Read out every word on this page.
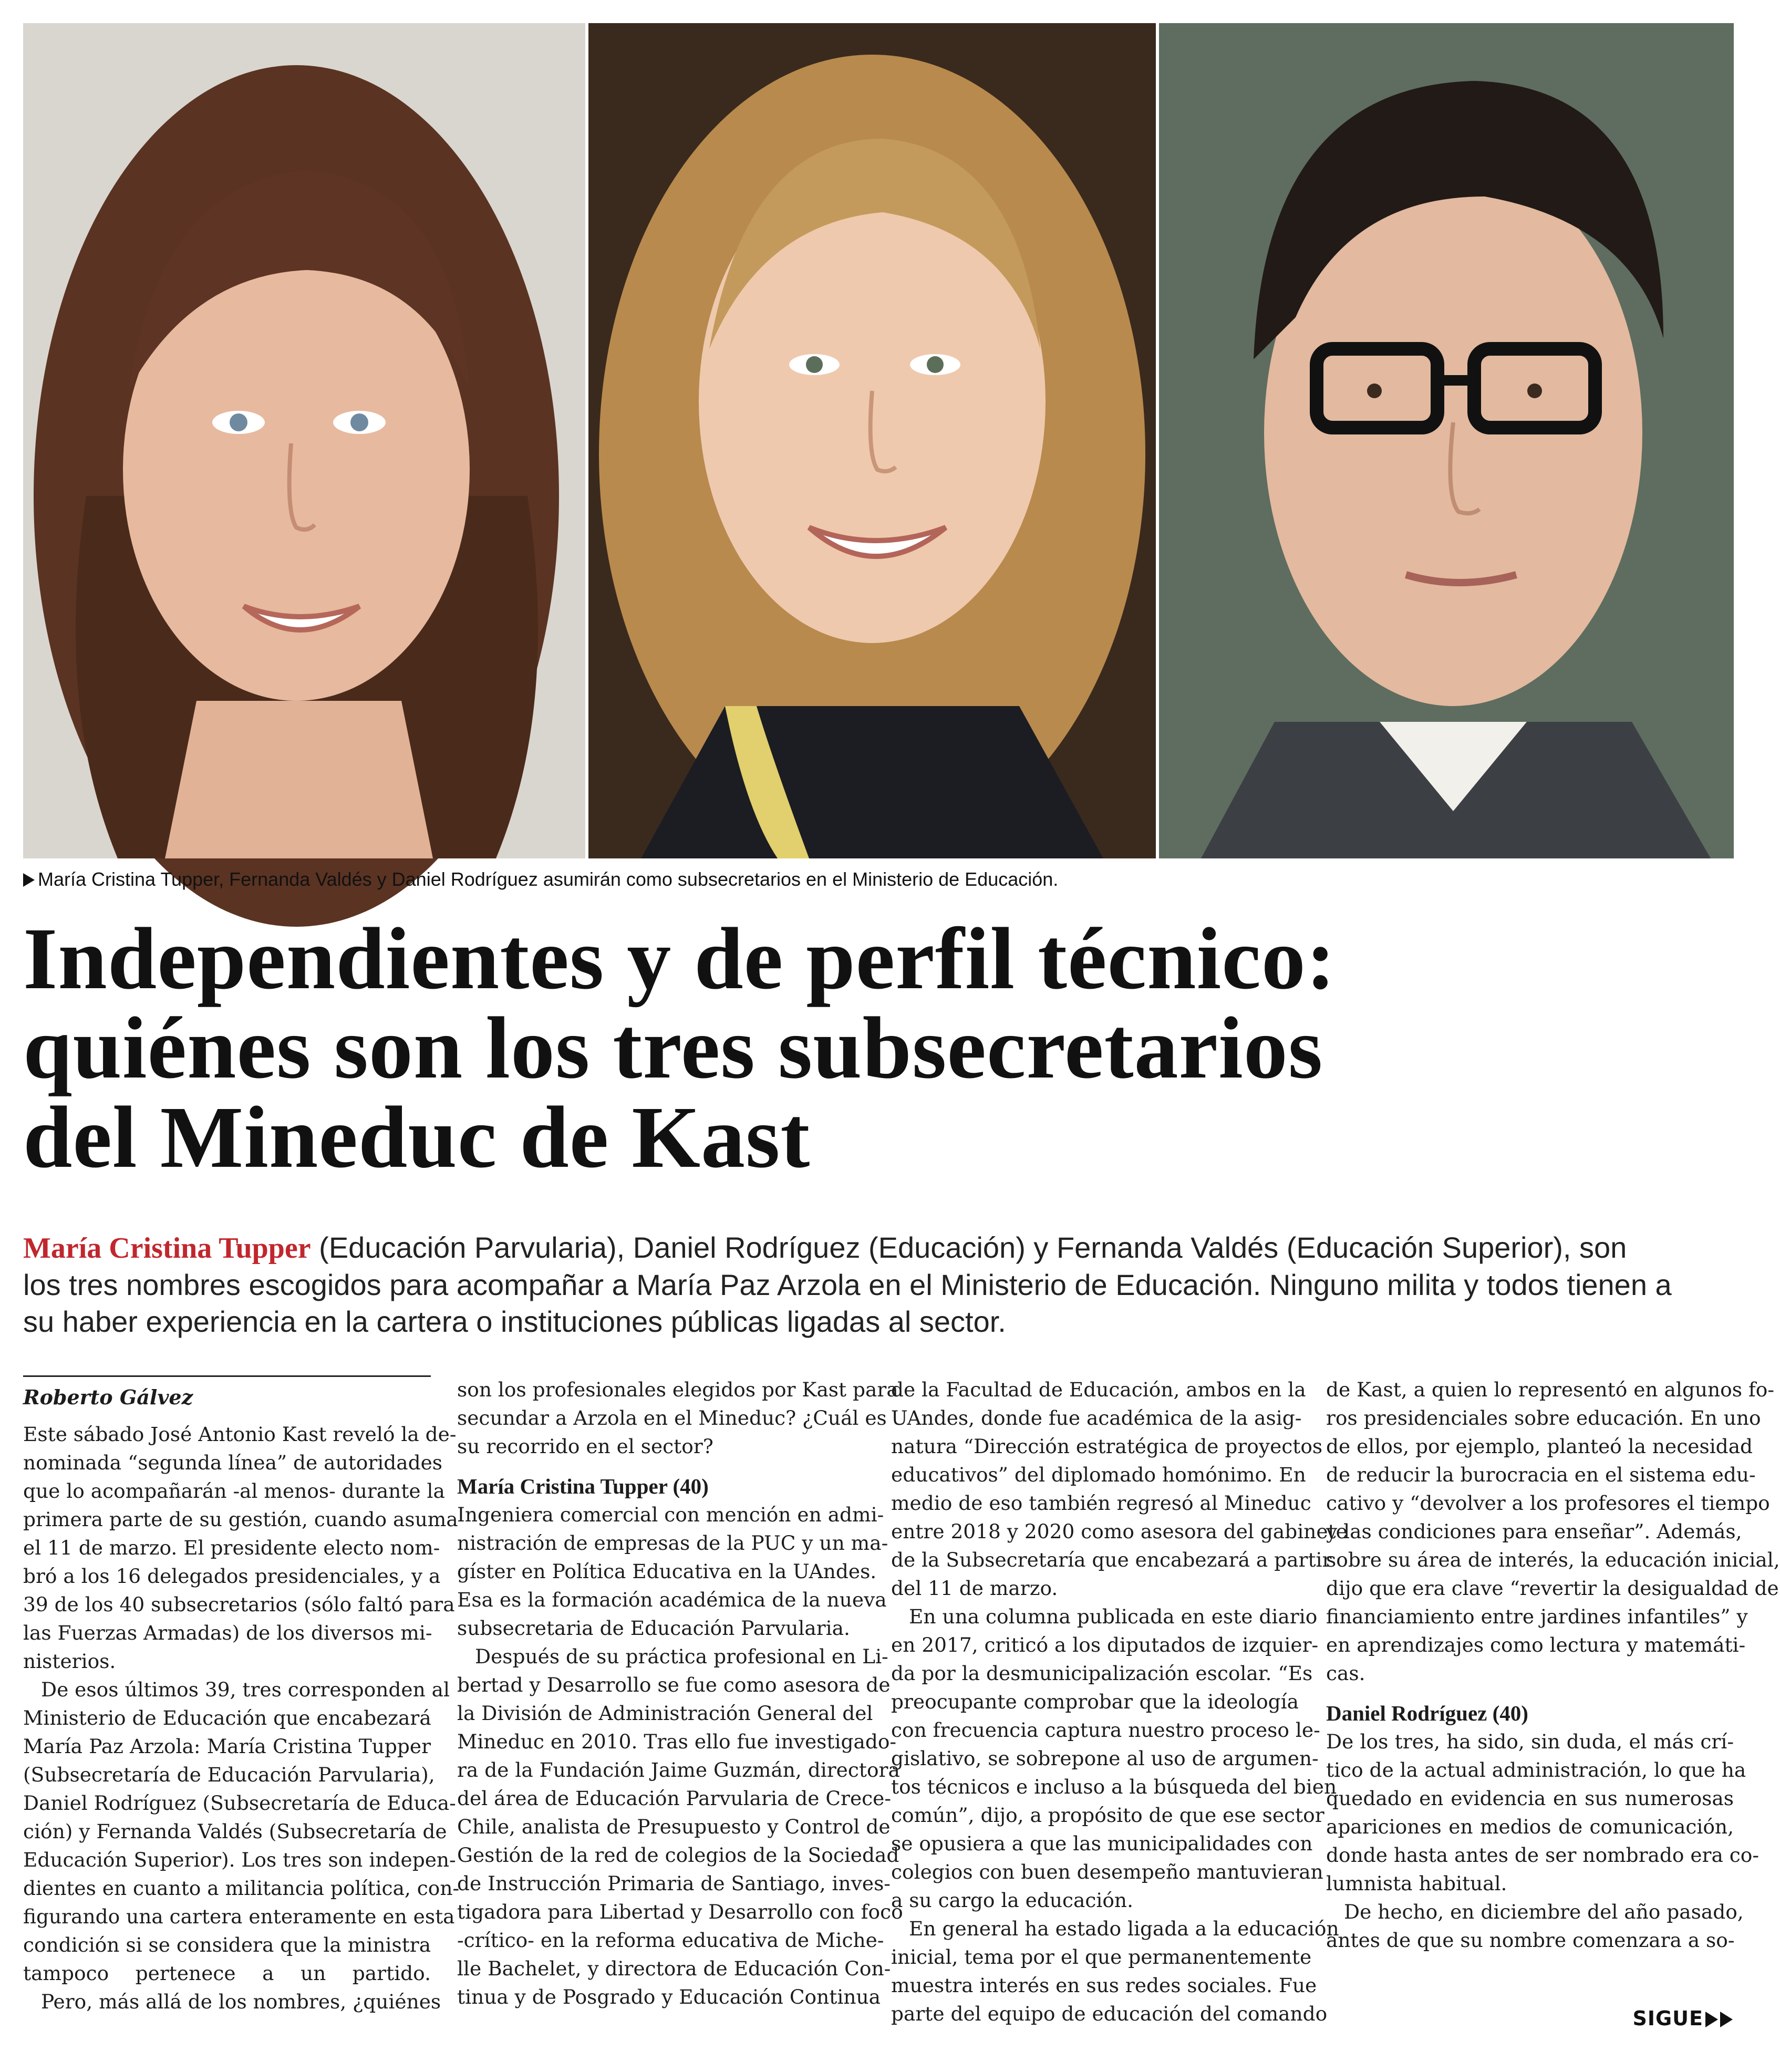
María Cristina Tupper, Fernanda Valdés y Daniel Rodríguez asumirán como subsecretarios en el Ministerio de Educación.
Independientes y de perfil técnico:
quiénes son los tres subsecretarios
del Mineduc de Kast
María Cristina Tupper (Educación Parvularia), Daniel Rodríguez (Educación) y Fernanda Valdés (Educación Superior), son
los tres nombres escogidos para acompañar a María Paz Arzola en el Ministerio de Educación. Ninguno milita y todos tienen a
su haber experiencia en la cartera o instituciones públicas ligadas al sector.
Roberto Gálvez
Este sábado José Antonio Kast reveló la de-
nominada “segunda línea” de autoridades
que lo acompañarán -al menos- durante la
primera parte de su gestión, cuando asuma
el 11 de marzo. El presidente electo nom-
bró a los 16 delegados presidenciales, y a
39 de los 40 subsecretarios (sólo faltó para
las Fuerzas Armadas) de los diversos mi-
nisterios.
De esos últimos 39, tres corresponden al
Ministerio de Educación que encabezará
María Paz Arzola: María Cristina Tupper
(Subsecretaría de Educación Parvularia),
Daniel Rodríguez (Subsecretaría de Educa-
ción) y Fernanda Valdés (Subsecretaría de
Educación Superior). Los tres son indepen-
dientes en cuanto a militancia política, con-
figurando una cartera enteramente en esta
condición si se considera que la ministra
tampoco pertenece a un partido.
Pero, más allá de los nombres, ¿quiénes
son los profesionales elegidos por Kast para
secundar a Arzola en el Mineduc? ¿Cuál es
su recorrido en el sector?
María Cristina Tupper (40)
Ingeniera comercial con mención en admi-
nistración de empresas de la PUC y un ma-
gíster en Política Educativa en la UAndes.
Esa es la formación académica de la nueva
subsecretaria de Educación Parvularia.
Después de su práctica profesional en Li-
bertad y Desarrollo se fue como asesora de
la División de Administración General del
Mineduc en 2010. Tras ello fue investigado-
ra de la Fundación Jaime Guzmán, directora
del área de Educación Parvularia de Crece-
Chile, analista de Presupuesto y Control de
Gestión de la red de colegios de la Sociedad
de Instrucción Primaria de Santiago, inves-
tigadora para Libertad y Desarrollo con foco
-crítico- en la reforma educativa de Miche-
lle Bachelet, y directora de Educación Con-
tinua y de Posgrado y Educación Continua
de la Facultad de Educación, ambos en la
UAndes, donde fue académica de la asig-
natura “Dirección estratégica de proyectos
educativos” del diplomado homónimo. En
medio de eso también regresó al Mineduc
entre 2018 y 2020 como asesora del gabinete
de la Subsecretaría que encabezará a partir
del 11 de marzo.
En una columna publicada en este diario
en 2017, criticó a los diputados de izquier-
da por la desmunicipalización escolar. “Es
preocupante comprobar que la ideología
con frecuencia captura nuestro proceso le-
gislativo, se sobrepone al uso de argumen-
tos técnicos e incluso a la búsqueda del bien
común”, dijo, a propósito de que ese sector
se opusiera a que las municipalidades con
colegios con buen desempeño mantuvieran
a su cargo la educación.
En general ha estado ligada a la educación
inicial, tema por el que permanentemente
muestra interés en sus redes sociales. Fue
parte del equipo de educación del comando
de Kast, a quien lo representó en algunos fo-
ros presidenciales sobre educación. En uno
de ellos, por ejemplo, planteó la necesidad
de reducir la burocracia en el sistema edu-
cativo y “devolver a los profesores el tiempo
y las condiciones para enseñar”. Además,
sobre su área de interés, la educación inicial,
dijo que era clave “revertir la desigualdad de
financiamiento entre jardines infantiles” y
en aprendizajes como lectura y matemáti-
cas.
Daniel Rodríguez (40)
De los tres, ha sido, sin duda, el más crí-
tico de la actual administración, lo que ha
quedado en evidencia en sus numerosas
apariciones en medios de comunicación,
donde hasta antes de ser nombrado era co-
lumnista habitual.
De hecho, en diciembre del año pasado,
antes de que su nombre comenzara a so-
SIGUE
